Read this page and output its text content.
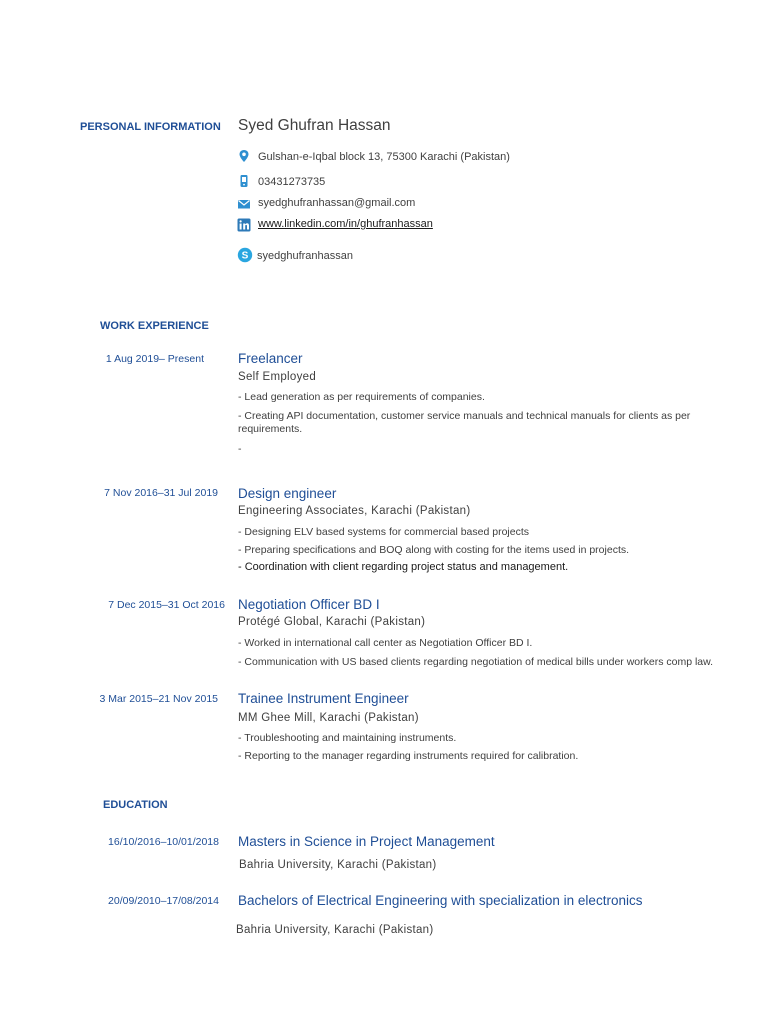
PERSONAL INFORMATION Syed Ghufran Hassan
Gulshan-e-Iqbal block 13, 75300 Karachi (Pakistan)
03431273735
syedghufranhassan@gmail.com
www.linkedin.com/in/ghufranhassan
S syedghufranhassan
WORK EXPERIENCE
1 Aug 2019– Present	Freelancer
Self Employed
- Lead generation as per requirements of companies.
- Creating API documentation, customer service manuals and technical manuals for clients as per requirements.
-
7 Nov 2016–31 Jul 2019 Design engineer
Engineering Associates, Karachi (Pakistan)
- Designing ELV based systems for commercial based projects
- Preparing specifications and BOQ along with costing for the items used in projects.
- Coordination with client regarding project status and management.
7 Dec 2015–31 Oct 2016 Negotiation Officer BD I
Protégé Global, Karachi (Pakistan)
- Worked in international call center as Negotiation Officer BD I.
- Communication with US based clients regarding negotiation of medical bills under workers comp law.
3 Mar 2015–21 Nov 2015 Trainee Instrument Engineer
MM Ghee Mill, Karachi (Pakistan)
- Troubleshooting and maintaining instruments.
- Reporting to the manager regarding instruments required for calibration.
EDUCATION
16/10/2016–10/01/2018 Masters in Science in Project Management
Bahria University, Karachi (Pakistan)
20/09/2010–17/08/2014 Bachelors of Electrical Engineering with specialization in electronics
Bahria University, Karachi (Pakistan)
